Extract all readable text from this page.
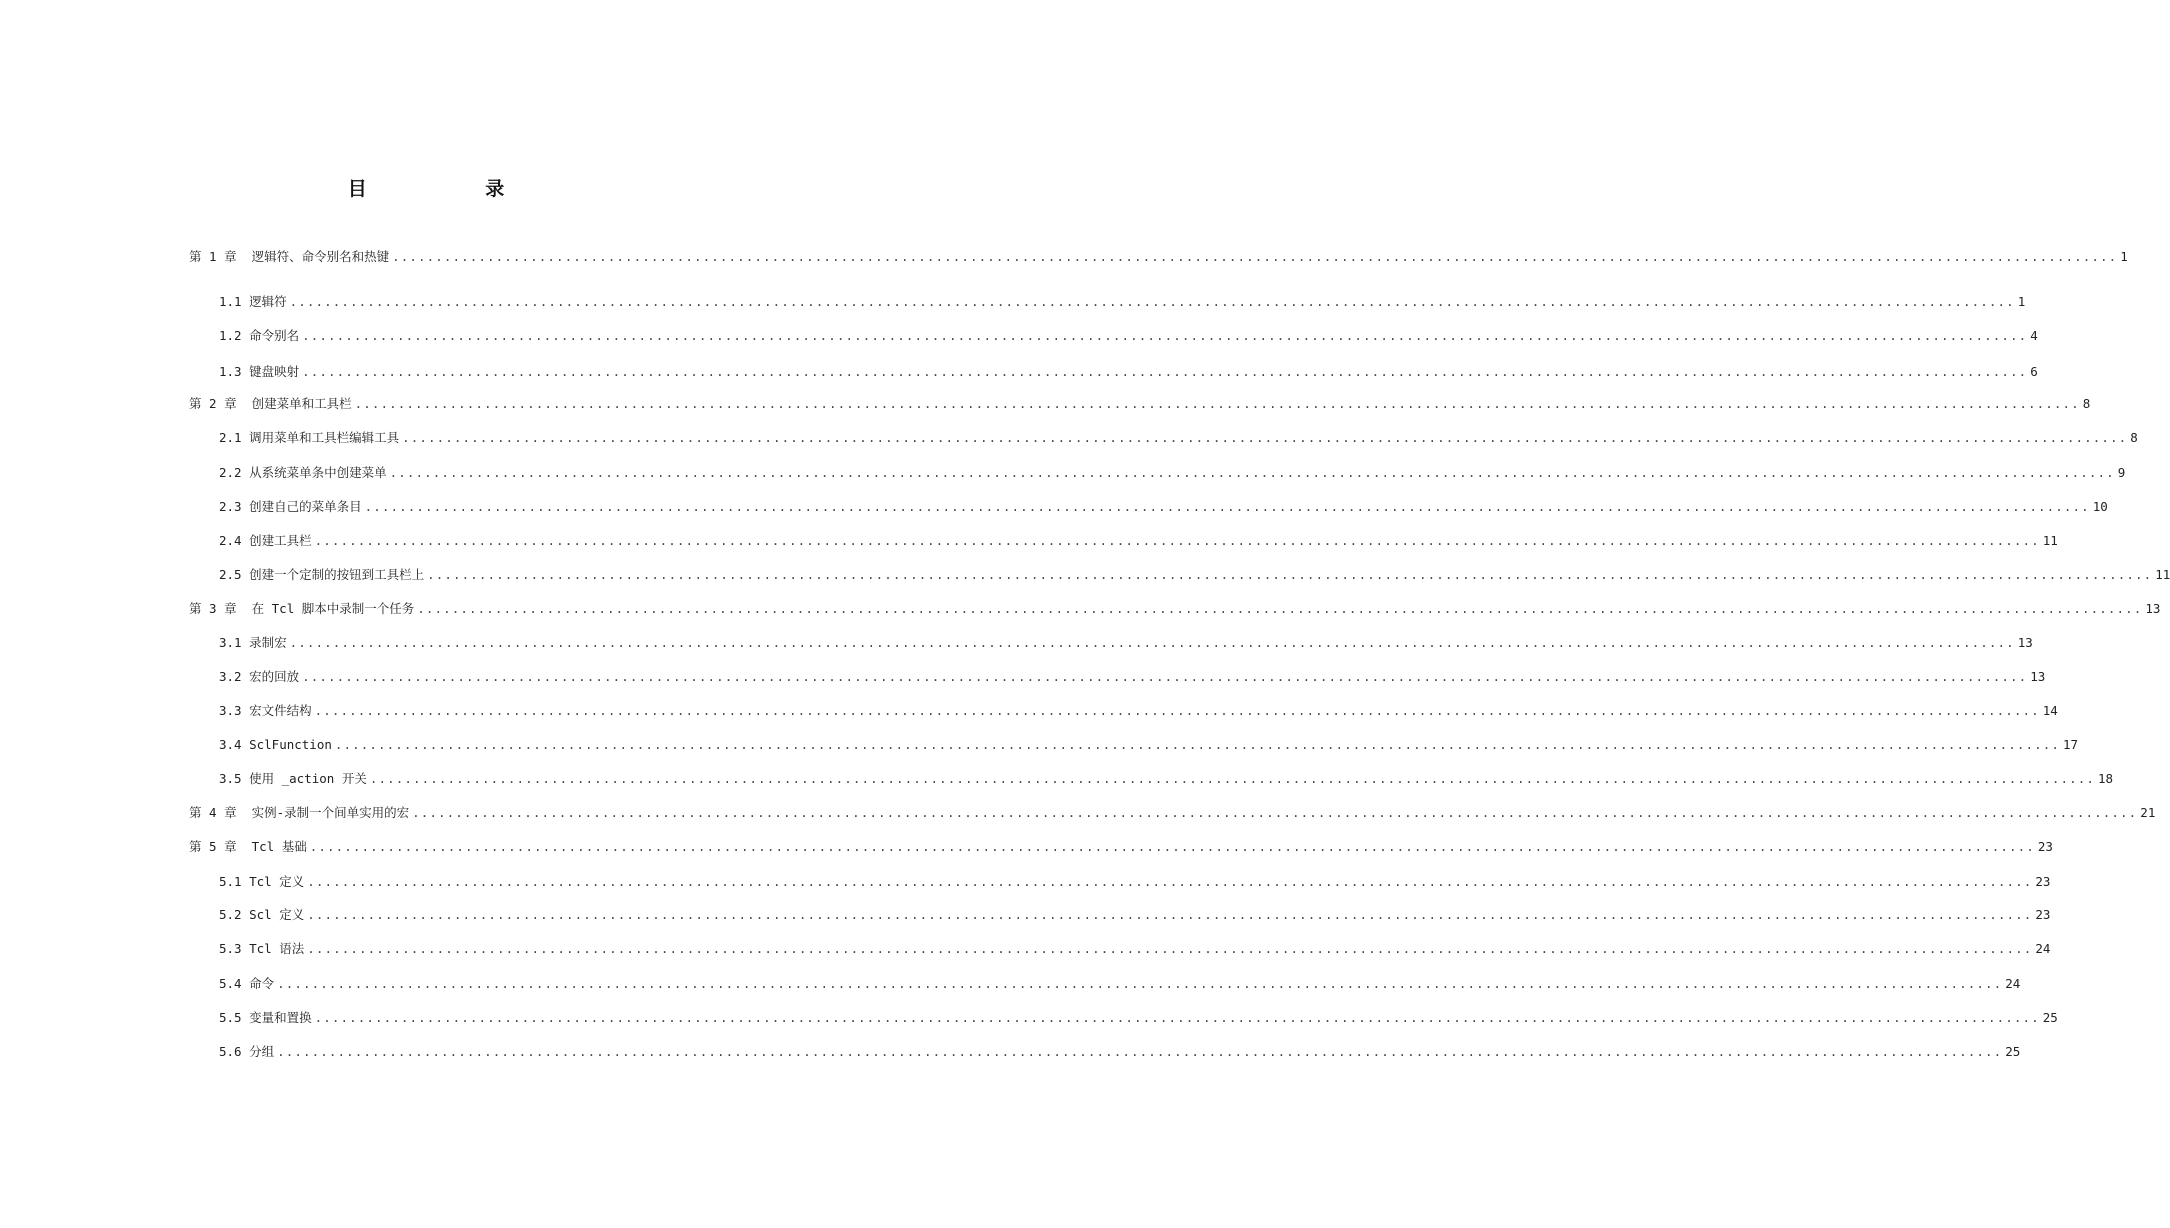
目 录
第 1 章  逻辑符、命令别名和热键 ........................................................................................................................................................................................................ 1
1.1 逻辑符 ........................................................................................................................................................................................................ 1
1.2 命令别名 ........................................................................................................................................................................................................ 4
1.3 键盘映射 ........................................................................................................................................................................................................ 6
第 2 章  创建菜单和工具栏 ........................................................................................................................................................................................................ 8
2.1 调用菜单和工具栏编辑工具 ........................................................................................................................................................................................................ 8
2.2 从系统菜单条中创建菜单 ........................................................................................................................................................................................................ 9
2.3 创建自己的菜单条目 ........................................................................................................................................................................................................ 10
2.4 创建工具栏 ........................................................................................................................................................................................................ 11
2.5 创建一个定制的按钮到工具栏上 ........................................................................................................................................................................................................ 11
第 3 章  在 Tcl 脚本中录制一个任务 ........................................................................................................................................................................................................ 13
3.1 录制宏 ........................................................................................................................................................................................................ 13
3.2 宏的回放 ........................................................................................................................................................................................................ 13
3.3 宏文件结构 ........................................................................................................................................................................................................ 14
3.4 SclFunction ........................................................................................................................................................................................................ 17
3.5 使用 _action 开关 ........................................................................................................................................................................................................ 18
第 4 章  实例-录制一个间单实用的宏 ........................................................................................................................................................................................................ 21
第 5 章  Tcl 基础 ........................................................................................................................................................................................................ 23
5.1 Tcl 定义 ........................................................................................................................................................................................................ 23
5.2 Scl 定义 ........................................................................................................................................................................................................ 23
5.3 Tcl 语法 ........................................................................................................................................................................................................ 24
5.4 命令 ........................................................................................................................................................................................................ 24
5.5 变量和置换 ........................................................................................................................................................................................................ 25
5.6 分组 ........................................................................................................................................................................................................ 25
